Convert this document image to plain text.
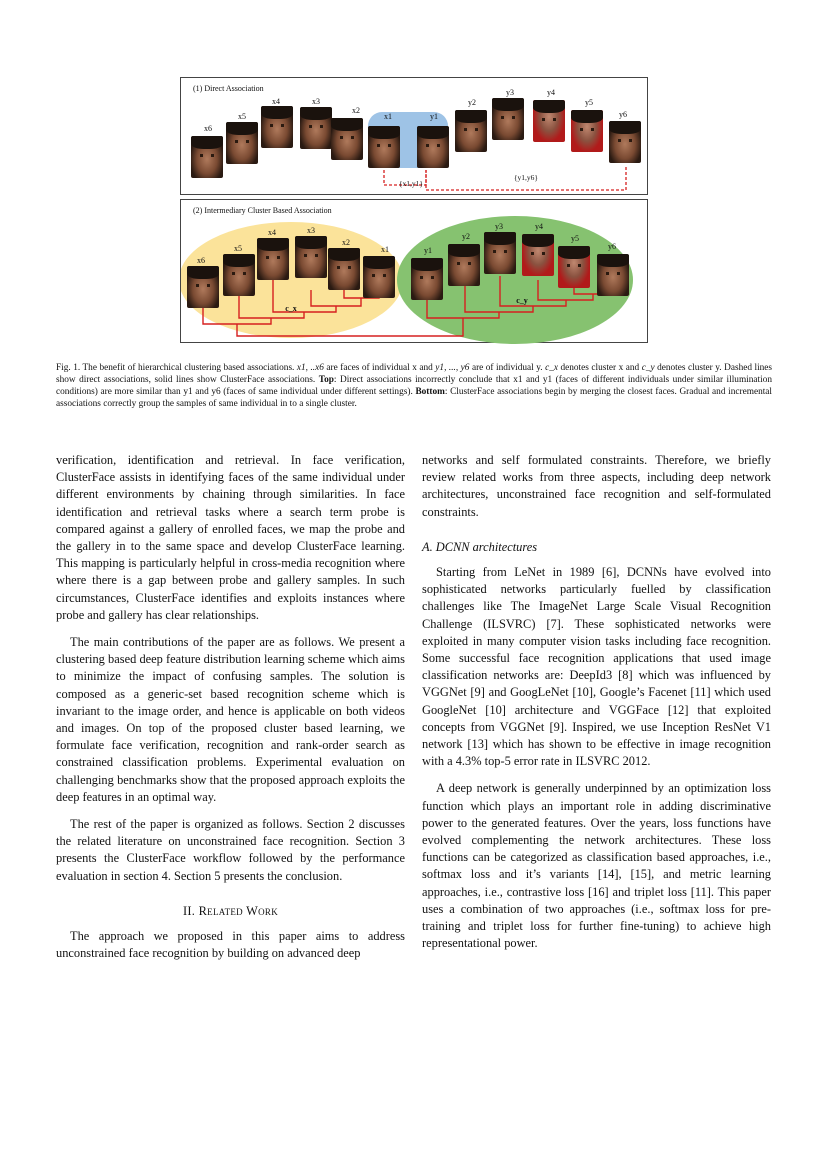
(1) Direct Association
x6
x5
x4	x3
x2
x1	y1
y2
y3	y4
y5
y6
{x1,y1}
{y1,y6}
(2) Intermediary Cluster Based Association
x6
x5
x4	x3
x2
x1	y1
y2
y3	y4
y5
y6
c_x
c_y
Fig. 1. The benefit of hierarchical clustering based associations. x1, ..x6 are faces of individual x and y1, ..., y6 are of individual y. c_x denotes cluster x and c_y denotes cluster y. Dashed lines show direct associations, solid lines show ClusterFace associations. Top: Direct associations incorrectly conclude that x1 and y1 (faces of different individuals under similar illumination conditions) are more similar than y1 and y6 (faces of same individual under different settings). Bottom: ClusterFace associations begin by merging the closest faces. Gradual and incremental associations correctly group the samples of same individual in to a single cluster.

verification, identification and retrieval. In face verification, ClusterFace assists in identifying faces of the same individual under different environments by chaining through similarities. In face identification and retrieval tasks where a search term probe is compared against a gallery of enrolled faces, we map the probe and the gallery in to the same space and develop ClusterFace learning. This mapping is particularly helpful in cross-media recognition where where there is a gap between probe and gallery samples. In such circumstances, ClusterFace identifies and exploits instances where probe and gallery has clear relationships.

The main contributions of the paper are as follows. We present a clustering based deep feature distribution learning scheme which aims to minimize the impact of confusing samples. The solution is composed as a generic-set based recognition scheme which is invariant to the image order, and hence is applicable on both videos and images. On top of the proposed cluster based learning, we formulate face verification, recognition and rank-order search as constrained classification problems. Experimental evaluation on challenging benchmarks show that the proposed approach exploits the deep features in an optimal way.

The rest of the paper is organized as follows. Section 2 discusses the related literature on unconstrained face recognition. Section 3 presents the ClusterFace workflow followed by the performance evaluation in section 4. Section 5 presents the conclusion.

II. Related Work

The approach we proposed in this paper aims to address unconstrained face recognition by building on advanced deep

networks and self formulated constraints. Therefore, we briefly review related works from three aspects, including deep network architectures, unconstrained face recognition and self-formulated constraints.

A. DCNN architectures

Starting from LeNet in 1989 [6], DCNNs have evolved into sophisticated networks particularly fuelled by classification challenges like The ImageNet Large Scale Visual Recognition Challenge (ILSVRC) [7]. These sophisticated networks were exploited in many computer vision tasks including face recognition. Some successful face recognition applications that used image classification networks are: DeepId3 [8] which was influenced by VGGNet [9] and GoogLeNet [10], Google’s Facenet [11] which used GoogleNet [10] architecture and VGGFace [12] that exploited concepts from VGGNet [9]. Inspired, we use Inception ResNet V1 network [13] which has shown to be effective in image recognition with a 4.3% top-5 error rate in ILSVRC 2012.

A deep network is generally underpinned by an optimization loss function which plays an important role in adding discriminative power to the generated features. Over the years, loss functions have evolved complementing the network architectures. These loss functions can be categorized as classification based approaches, i.e., softmax loss and it’s variants [14], [15], and metric learning approaches, i.e., contrastive loss [16] and triplet loss [11]. This paper uses a combination of two approaches (i.e., softmax loss for pre-training and triplet loss for further fine-tuning) to achieve high representational power.
